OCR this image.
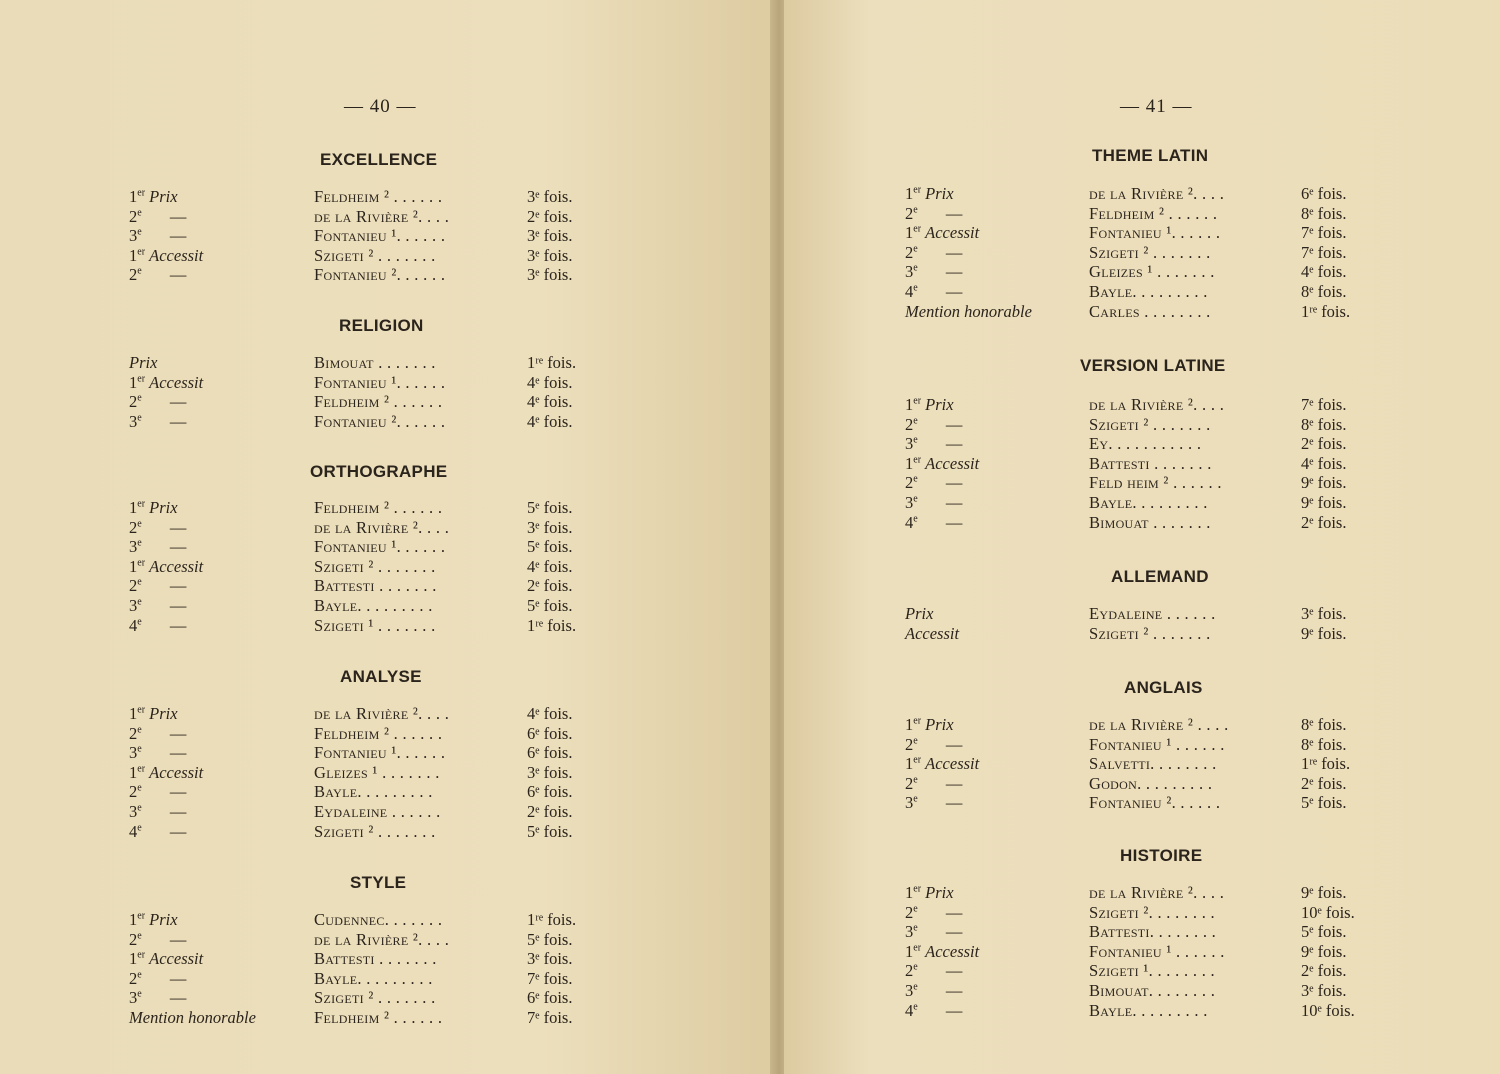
— 40 —
EXCELLENCE
1er Prix	Feldheim ² . . . . . .	3ᵉ fois.
2e —	de la Rivière ². . . .	2ᵉ fois.
3e —	Fontanieu ¹. . . . . .	3ᵉ fois.
1er Accessit	Szigeti ² . . . . . . .	3ᵉ fois.
2e —	Fontanieu ². . . . . .	3ᵉ fois.
RELIGION
Prix	Bimouat . . . . . . .	1ʳᵉ fois.
1er Accessit	Fontanieu ¹. . . . . .	4ᵉ fois.
2e —	Feldheim ² . . . . . .	4ᵉ fois.
3e —	Fontanieu ². . . . . .	4ᵉ fois.
ORTHOGRAPHE
1er Prix	Feldheim ² . . . . . .	5ᵉ fois.
2e —	de la Rivière ². . . .	3ᵉ fois.
3e —	Fontanieu ¹. . . . . .	5ᵉ fois.
1er Accessit	Szigeti ² . . . . . . .	4ᵉ fois.
2e —	Battesti . . . . . . .	2ᵉ fois.
3e —	Bayle. . . . . . . . .	5ᵉ fois.
4e —	Szigeti ¹ . . . . . . .	1ʳᵉ fois.
ANALYSE
1er Prix	de la Rivière ². . . .	4ᵉ fois.
2e —	Feldheim ² . . . . . .	6ᵉ fois.
3e —	Fontanieu ¹. . . . . .	6ᵉ fois.
1er Accessit	Gleizes ¹ . . . . . . .	3ᵉ fois.
2e —	Bayle. . . . . . . . .	6ᵉ fois.
3e —	Eydaleine . . . . . .	2ᵉ fois.
4e —	Szigeti ² . . . . . . .	5ᵉ fois.
STYLE
1er Prix	Cudennec. . . . . . .	1ʳᵉ fois.
2e —	de la Rivière ². . . .	5ᵉ fois.
1er Accessit	Battesti . . . . . . .	3ᵉ fois.
2e —	Bayle. . . . . . . . .	7ᵉ fois.
3e —	Szigeti ² . . . . . . .	6ᵉ fois.
Mention honorable	Feldheim ² . . . . . .	7ᵉ fois.
— 41 —
THEME LATIN
1er Prix	de la Rivière ². . . .	6ᵉ fois.
2e —	Feldheim ² . . . . . .	8ᵉ fois.
1er Accessit	Fontanieu ¹. . . . . .	7ᵉ fois.
2e —	Szigeti ² . . . . . . .	7ᵉ fois.
3e —	Gleizes ¹ . . . . . . .	4ᵉ fois.
4e —	Bayle. . . . . . . . .	8ᵉ fois.
Mention honorable	Carles . . . . . . . .	1ʳᵉ fois.
VERSION LATINE
1er Prix	de la Rivière ². . . .	7ᵉ fois.
2e —	Szigeti ² . . . . . . .	8ᵉ fois.
3e —	Ey. . . . . . . . . . .	2ᵉ fois.
1er Accessit	Battesti . . . . . . .	4ᵉ fois.
2e —	Feld heim ² . . . . . .	9ᵉ fois.
3e —	Bayle. . . . . . . . .	9ᵉ fois.
4e —	Bimouat . . . . . . .	2ᵉ fois.
ALLEMAND
Prix	Eydaleine . . . . . .	3ᵉ fois.
Accessit	Szigeti ² . . . . . . .	9ᵉ fois.
ANGLAIS
1er Prix	de la Rivière ² . . . .	8ᵉ fois.
2e —	Fontanieu ¹ . . . . . .	8ᵉ fois.
1er Accessit	Salvetti. . . . . . . .	1ʳᵉ fois.
2e —	Godon. . . . . . . . .	2ᵉ fois.
3e —	Fontanieu ². . . . . .	5ᵉ fois.
HISTOIRE
1er Prix	de la Rivière ². . . .	9ᵉ fois.
2e —	Szigeti ². . . . . . . .	10ᵉ fois.
3e —	Battesti. . . . . . . .	5ᵉ fois.
1er Accessit	Fontanieu ¹ . . . . . .	9ᵉ fois.
2e —	Szigeti ¹. . . . . . . .	2ᵉ fois.
3e —	Bimouat. . . . . . . .	3ᵉ fois.
4e —	Bayle. . . . . . . . .	10ᵉ fois.
